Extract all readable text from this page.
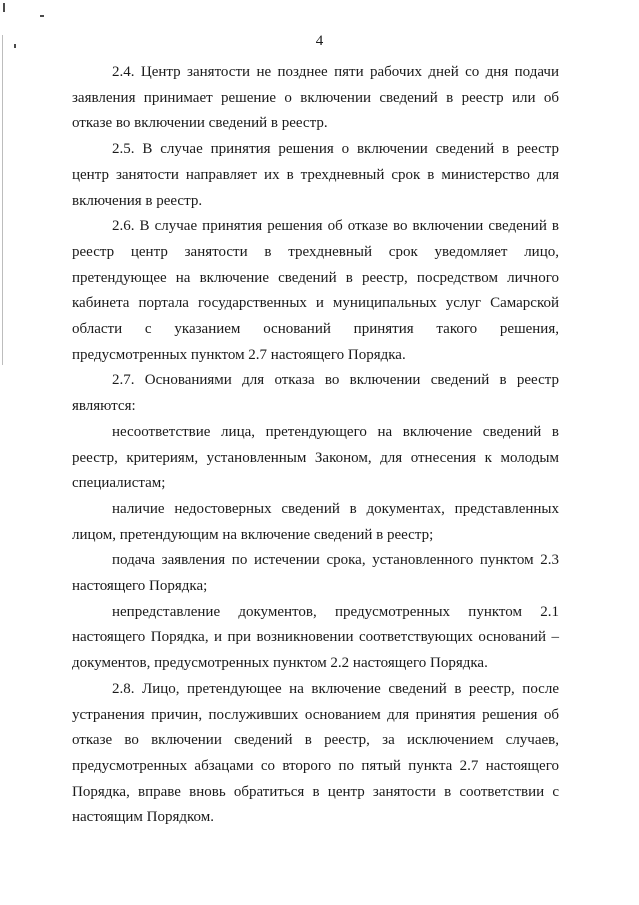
4

2.4. Центр занятости не позднее пяти рабочих дней со дня подачи заявления принимает решение о включении сведений в реестр или об отказе во включении сведений в реестр.

2.5. В случае принятия решения о включении сведений в реестр центр занятости направляет их в трехдневный срок в министерство для включения в реестр.

2.6. В случае принятия решения об отказе во включении сведений в реестр центр занятости в трехдневный срок уведомляет лицо, претендующее на включение сведений в реестр, посредством личного кабинета портала государственных и муниципальных услуг Самарской области с указанием оснований принятия такого решения, предусмотренных пунктом 2.7 настоящего Порядка.

2.7. Основаниями для отказа во включении сведений в реестр являются:

несоответствие лица, претендующего на включение сведений в реестр, критериям, установленным Законом, для отнесения к молодым специалистам;

наличие недостоверных сведений в документах, представленных лицом, претендующим на включение сведений в реестр;

подача заявления по истечении срока, установленного пунктом 2.3 настоящего Порядка;

непредставление документов, предусмотренных пунктом 2.1 настоящего Порядка, и при возникновении соответствующих оснований – документов, предусмотренных пунктом 2.2 настоящего Порядка.

2.8. Лицо, претендующее на включение сведений в реестр, после устранения причин, послуживших основанием для принятия решения об отказе во включении сведений в реестр, за исключением случаев, предусмотренных абзацами со второго по пятый пункта 2.7 настоящего Порядка, вправе вновь обратиться в центр занятости в соответствии с настоящим Порядком.
